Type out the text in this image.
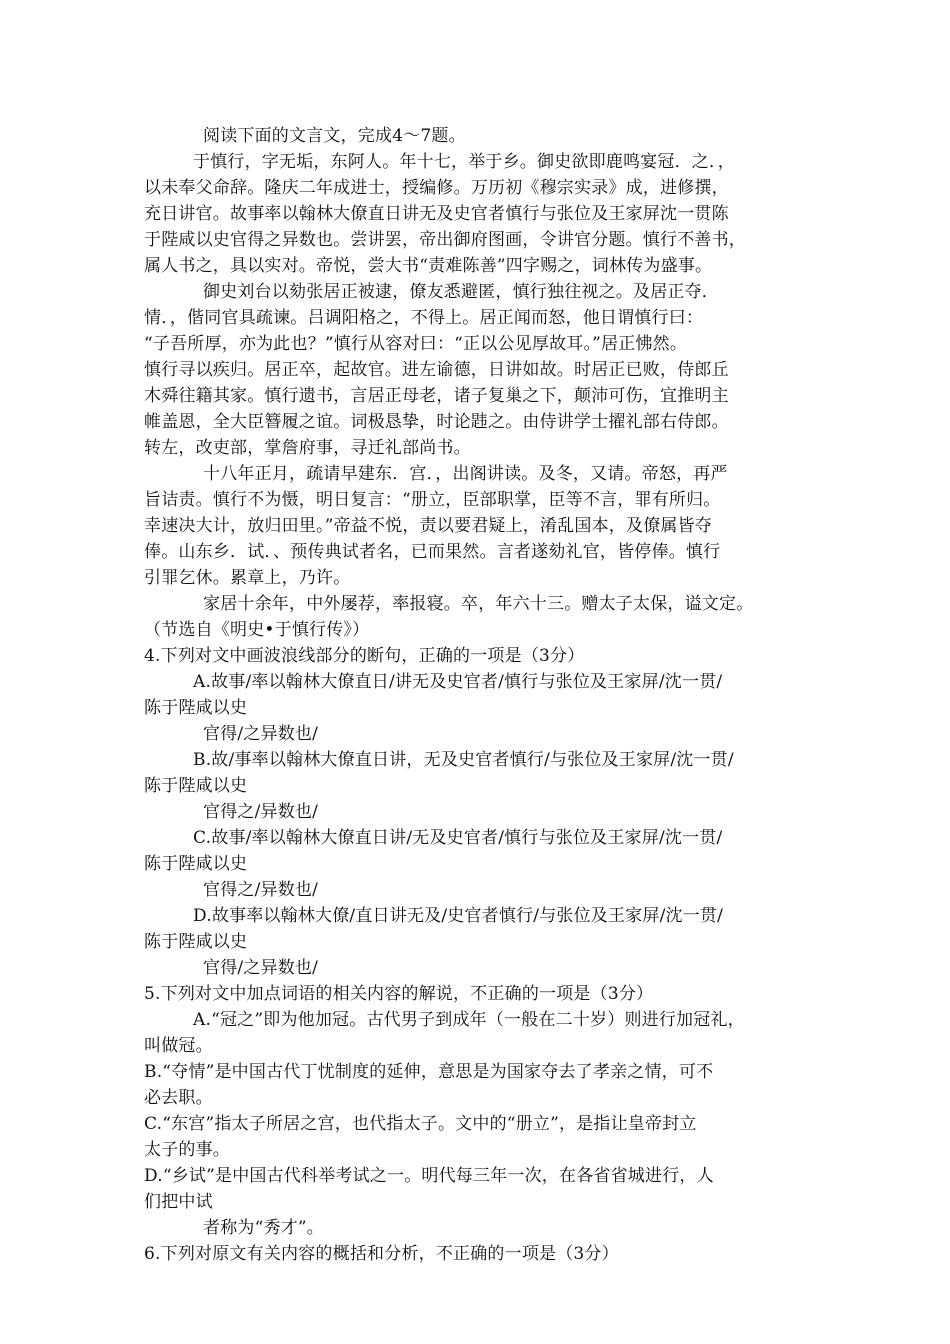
阅读下面的文言文，完成4～7题。
于慎行，字无垢，东阿人。年十七，举于乡。御史欲即鹿鸣宴冠．之．，
以未奉父命辞。隆庆二年成进士，授编修。万历初《穆宗实录》成，进修撰，
充日讲官。故事率以翰林大僚直日讲无及史官者慎行与张位及王家屏沈一贯陈
于陛咸以史官得之异数也。尝讲罢，帝出御府图画，令讲官分题。慎行不善书，
属人书之，具以实对。帝悦，尝大书“责难陈善”四字赐之，词林传为盛事。
御史刘台以劾张居正被逮，僚友悉避匿，慎行独往视之。及居正夺．
情．，偕同官具疏谏。吕调阳格之，不得上。居正闻而怒，他日谓慎行曰：
“子吾所厚，亦为此也？”慎行从容对曰：“正以公见厚故耳。”居正怫然。
慎行寻以疾归。居正卒，起故官。进左谕德，日讲如故。时居正已败，侍郎丘
木舜往籍其家。慎行遗书，言居正母老，诸子复巢之下，颠沛可伤，宜推明主
帷盖恩，全大臣簪履之谊。词极恳挚，时论韪之。由侍讲学士擢礼部右侍郎。
转左，改吏部，掌詹府事，寻迁礼部尚书。
十八年正月，疏请早建东．宫．，出阁讲读。及冬，又请。帝怒，再严
旨诘责。慎行不为慑，明日复言：“册立，臣部职掌，臣等不言，罪有所归。
幸速决大计，放归田里。”帝益不悦，责以要君疑上，淆乱国本，及僚属皆夺
俸。山东乡．试．、预传典试者名，已而果然。言者遂劾礼官，皆停俸。慎行
引罪乞休。累章上，乃许。
家居十余年，中外屡荐，率报寝。卒，年六十三。赠太子太保，谥文定。
（节选自《明史•于慎行传》）
4.下列对文中画波浪线部分的断句，正确的一项是（3分）
A.故事/率以翰林大僚直日/讲无及史官者/慎行与张位及王家屏/沈一贯/
陈于陛咸以史
官得/之异数也/
B.故/事率以翰林大僚直日讲，无及史官者慎行/与张位及王家屏/沈一贯/
陈于陛咸以史
官得之/异数也/
C.故事/率以翰林大僚直日讲/无及史官者/慎行与张位及王家屏/沈一贯/
陈于陛咸以史
官得之/异数也/
D.故事率以翰林大僚/直日讲无及/史官者慎行/与张位及王家屏/沈一贯/
陈于陛咸以史
官得/之异数也/
5.下列对文中加点词语的相关内容的解说，不正确的一项是（3分）
A.“冠之”即为他加冠。古代男子到成年（一般在二十岁）则进行加冠礼，
叫做冠。
B.“夺情”是中国古代丁忧制度的延伸，意思是为国家夺去了孝亲之情，可不
必去职。
C.“东宫”指太子所居之宫，也代指太子。文中的“册立”，是指让皇帝封立
太子的事。
D.“乡试”是中国古代科举考试之一。明代每三年一次，在各省省城进行，人
们把中试
者称为“秀才”。
6.下列对原文有关内容的概括和分析，不正确的一项是（3分）
